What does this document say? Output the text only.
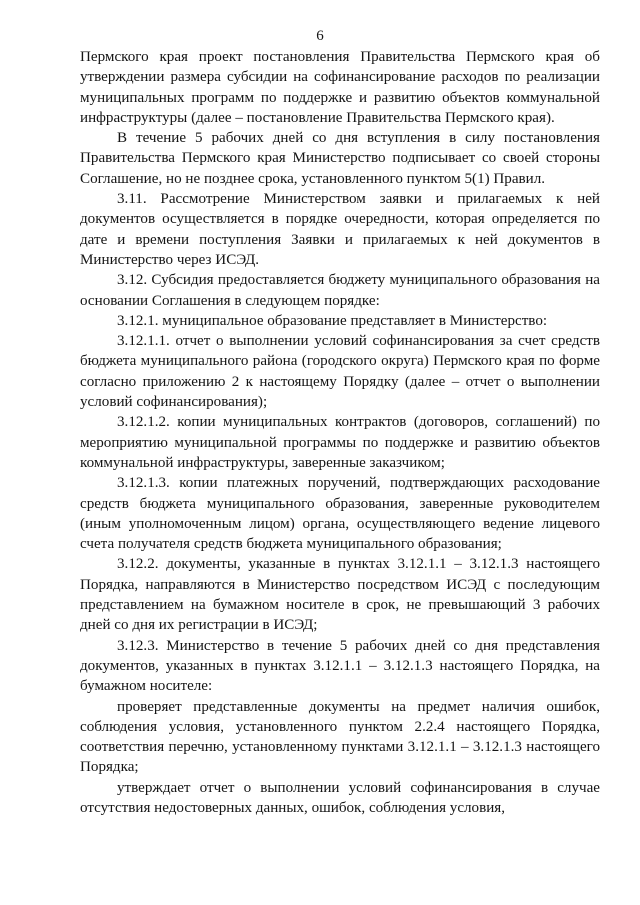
6

Пермского края проект постановления Правительства Пермского края об утверждении размера субсидии на софинансирование расходов по реализации муниципальных программ по поддержке и развитию объектов коммунальной инфраструктуры (далее – постановление Правительства Пермского края).

В течение 5 рабочих дней со дня вступления в силу постановления Правительства Пермского края Министерство подписывает со своей стороны Соглашение, но не позднее срока, установленного пунктом 5(1) Правил.

3.11. Рассмотрение Министерством заявки и прилагаемых к ней документов осуществляется в порядке очередности, которая определяется по дате и времени поступления Заявки и прилагаемых к ней документов в Министерство через ИСЭД.

3.12. Субсидия предоставляется бюджету муниципального образования на основании Соглашения в следующем порядке:

3.12.1. муниципальное образование представляет в Министерство:

3.12.1.1. отчет о выполнении условий софинансирования за счет средств бюджета муниципального района (городского округа) Пермского края по форме согласно приложению 2 к настоящему Порядку (далее – отчет о выполнении условий софинансирования);

3.12.1.2. копии муниципальных контрактов (договоров, соглашений) по мероприятию муниципальной программы по поддержке и развитию объектов коммунальной инфраструктуры, заверенные заказчиком;

3.12.1.3. копии платежных поручений, подтверждающих расходование средств бюджета муниципального образования, заверенные руководителем (иным уполномоченным лицом) органа, осуществляющего ведение лицевого счета получателя средств бюджета муниципального образования;

3.12.2. документы, указанные в пунктах 3.12.1.1 – 3.12.1.3 настоящего Порядка, направляются в Министерство посредством ИСЭД с последующим представлением на бумажном носителе в срок, не превышающий 3 рабочих дней со дня их регистрации в ИСЭД;

3.12.3. Министерство в течение 5 рабочих дней со дня представления документов, указанных в пунктах 3.12.1.1 – 3.12.1.3 настоящего Порядка, на бумажном носителе:

проверяет представленные документы на предмет наличия ошибок, соблюдения условия, установленного пунктом 2.2.4 настоящего Порядка, соответствия перечню, установленному пунктами 3.12.1.1 – 3.12.1.3 настоящего Порядка;

утверждает отчет о выполнении условий софинансирования в случае отсутствия недостоверных данных, ошибок, соблюдения условия,
